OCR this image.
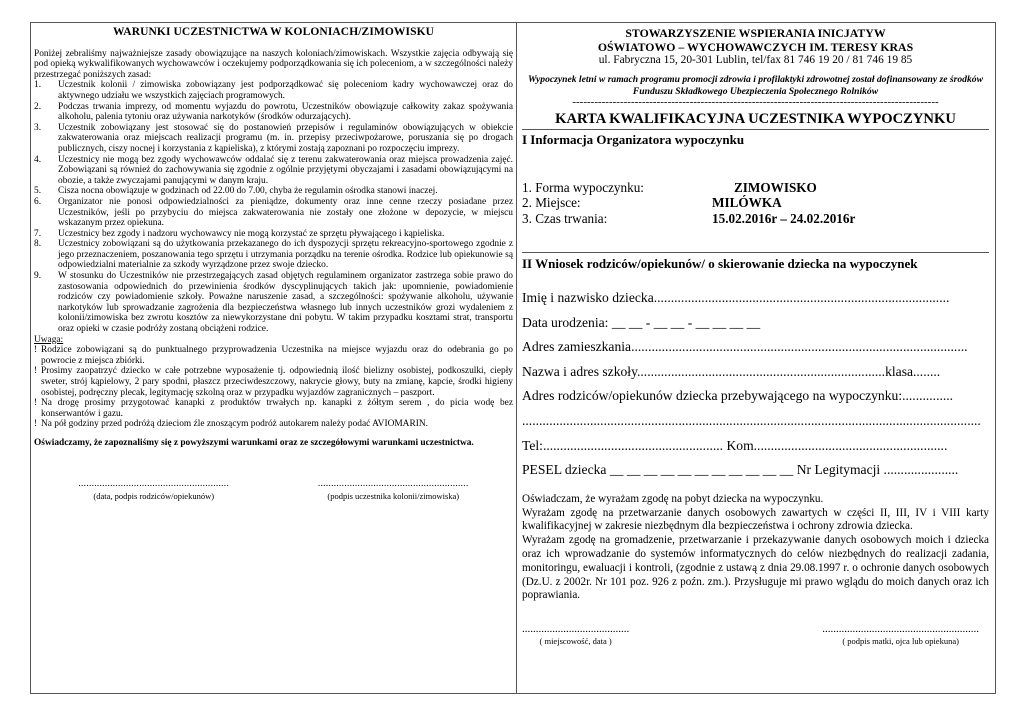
WARUNKI UCZESTNICTWA W KOLONIACH/ZIMOWISKU
Poniżej zebraliśmy najważniejsze zasady obowiązujące na naszych koloniach/zimowiskach. Wszystkie zajęcia odbywają się pod opieką wykwalifikowanych wychowawców i oczekujemy podporządkowania się ich poleceniom, a w szczególności należy przestrzegać poniższych zasad:
1.	Uczestnik kolonii / zimowiska zobowiązany jest podporządkować się poleceniom kadry wychowawczej oraz do aktywnego udziału we wszystkich zajęciach programowych.
2.	Podczas trwania imprezy, od momentu wyjazdu do powrotu, Uczestników obowiązuje całkowity zakaz spożywania alkoholu, palenia tytoniu oraz używania narkotyków (środków odurzających).
3.	Uczestnik zobowiązany jest stosować się do postanowień przepisów i regulaminów obowiązujących w obiekcie zakwaterowania oraz miejscach realizacji programu (m. in. przepisy przeciwpożarowe, poruszania się po drogach publicznych, ciszy nocnej i korzystania z kąpieliska), z którymi zostają zapoznani po rozpoczęciu imprezy.
4.	Uczestnicy nie mogą bez zgody wychowawców oddalać się z terenu zakwaterowania oraz miejsca prowadzenia zajęć. Zobowiązani są również do zachowywania się zgodnie z ogólnie przyjętymi obyczajami i zasadami obowiązującymi na obozie, a także zwyczajami panującymi w danym kraju.
5.	Cisza nocna obowiązuje w godzinach od 22.00 do 7.00, chyba że regulamin ośrodka stanowi inaczej.
6.	Organizator nie ponosi odpowiedzialności za pieniądze, dokumenty oraz inne cenne rzeczy posiadane przez Uczestników, jeśli po przybyciu do miejsca zakwaterowania nie zostały one złożone w depozycie, w miejscu wskazanym przez opiekuna.
7.	Uczestnicy bez zgody i nadzoru wychowawcy nie mogą korzystać ze sprzętu pływającego i kąpieliska.
8.	Uczestnicy zobowiązani są do użytkowania przekazanego do ich dyspozycji sprzętu rekreacyjno-sportowego zgodnie z jego przeznaczeniem, poszanowania tego sprzętu i utrzymania porządku na terenie ośrodka. Rodzice lub opiekunowie są odpowiedzialni materialnie za szkody wyrządzone przez swoje dziecko.
9.	W stosunku do Uczestników nie przestrzegających zasad objętych regulaminem organizator zastrzega sobie prawo do zastosowania odpowiednich do przewinienia środków dyscyplinujących takich jak: upomnienie, powiadomienie rodziców czy powiadomienie szkoły. Poważne naruszenie zasad, a szczególności: spożywanie alkoholu, używanie narkotyków lub sprowadzanie zagrożenia dla bezpieczeństwa własnego lub innych uczestników grozi wydaleniem z kolonii/zimowiska bez zwrotu kosztów za niewykorzystane dni pobytu. W takim przypadku kosztami strat, transportu oraz opieki w czasie podróży zostaną obciążeni rodzice.
Uwaga:
! Rodzice zobowiązani są do punktualnego przyprowadzenia Uczestnika na miejsce wyjazdu oraz do odebrania go po powrocie z miejsca zbiórki.
! Prosimy zaopatrzyć dziecko w całe potrzebne wyposażenie tj. odpowiednią ilość bielizny osobistej, podkoszulki, ciepły sweter, strój kąpielowy, 2 pary spodni, płaszcz przeciwdeszczowy, nakrycie głowy, buty na zmianę, kapcie, środki higieny osobistej, podręczny plecak, legitymację szkolną oraz w przypadku wyjazdów zagranicznych – paszport.
! Na drogę prosimy przygotować kanapki z produktów trwałych np. kanapki z żółtym serem , do picia wodę bez konserwantów i gazu.
! Na pół godziny przed podróżą dzieciom źle znoszącym podróż autokarem należy podać AVIOMARIN.
Oświadczamy, że zapoznaliśmy się z powyższymi warunkami oraz ze szczegółowymi warunkami uczestnictwa.
.........................................................
(data, podpis rodziców/opiekunów)
.........................................................
(podpis uczestnika kolonii/zimowiska)
STOWARZYSZENIE WSPIERANIA INICJATYW
OŚWIATOWO – WYCHOWAWCZYCH IM. TERESY KRAS
ul. Fabryczna 15, 20-301 Lublin, tel/fax 81 746 19 20 / 81 746 19 85
Wypoczynek letni w ramach programu promocji zdrowia i profilaktyki zdrowotnej został dofinansowany ze środków Funduszu Składkowego Ubezpieczenia Społecznego Rolników
----------------------------------------------------------------------------------------------------
KARTA KWALIFIKACYJNA UCZESTNIKA WYPOCZYNKU
I Informacja Organizatora wypoczynku
1. Forma wypoczynku:	ZIMOWISKO
2. Miejsce:	MILÓWKA
3. Czas trwania:	15.02.2016r – 24.02.2016r
II Wniosek rodziców/opiekunów/ o skierowanie dziecka na wypoczynek
Imię i nazwisko dziecka.......................................................................................
Data urodzenia: __ __ - __ __ - __ __ __ __
Adres zamieszkania...................................................................................................
Nazwa i adres szkoły.........................................................................klasa........
Adres rodziców/opiekunów dziecka przebywającego na wypoczynku:...............
.......................................................................................................................................
Tel:..................................................... Kom.........................................................
PESEL dziecka __ __ __ __ __ __ __ __ __ __ __ Nr Legitymacji ......................

Oświadczam, że wyrażam zgodę na pobyt dziecka na wypoczynku.

Wyrażam zgodę na przetwarzanie danych osobowych zawartych w części II, III, IV i VIII karty kwalifikacyjnej w zakresie niezbędnym dla bezpieczeństwa i ochrony zdrowia dziecka.

Wyrażam zgodę na gromadzenie, przetwarzanie i przekazywanie danych osobowych moich i dziecka oraz ich wprowadzanie do systemów informatycznych do celów niezbędnych do realizacji zadania, monitoringu, ewaluacji i kontroli, (zgodnie z ustawą z dnia 29.08.1997 r. o ochronie danych osobowych (Dz.U. z 2002r. Nr 101 poz. 926 z poźn. zm.). Przysługuje mi prawo wglądu do moich danych oraz ich poprawiania.

.......................................
( miejscowość, data )
.........................................................
( podpis matki, ojca lub opiekuna)
